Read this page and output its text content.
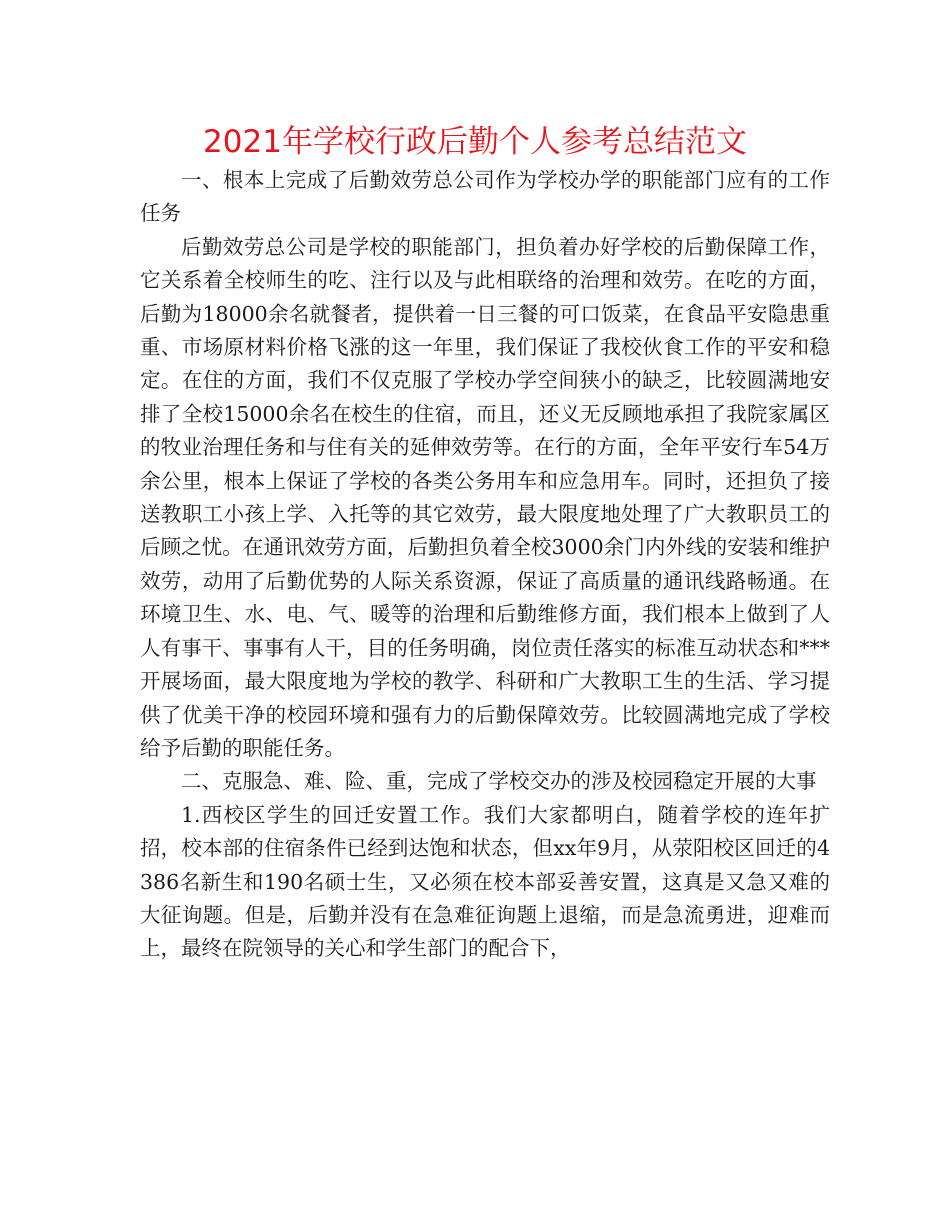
2021年学校行政后勤个人参考总结范文

一、根本上完成了后勤效劳总公司作为学校办学的职能部门应有的工作任务

后勤效劳总公司是学校的职能部门，担负着办好学校的后勤保障工作，它关系着全校师生的吃、注行以及与此相联络的治理和效劳。在吃的方面，后勤为18000余名就餐者，提供着一日三餐的可口饭菜，在食品平安隐患重重、市场原材料价格飞涨的这一年里，我们保证了我校伙食工作的平安和稳定。在住的方面，我们不仅克服了学校办学空间狭小的缺乏，比较圆满地安排了全校15000余名在校生的住宿，而且，还义无反顾地承担了我院家属区的牧业治理任务和与住有关的延伸效劳等。在行的方面，全年平安行车54万余公里，根本上保证了学校的各类公务用车和应急用车。同时，还担负了接送教职工小孩上学、入托等的其它效劳，最大限度地处理了广大教职员工的后顾之忧。在通讯效劳方面，后勤担负着全校3000余门内外线的安装和维护效劳，动用了后勤优势的人际关系资源，保证了高质量的通讯线路畅通。在环境卫生、水、电、气、暖等的治理和后勤维修方面，我们根本上做到了人人有事干、事事有人干，目的任务明确，岗位责任落实的标准互动状态和***开展场面，最大限度地为学校的教学、科研和广大教职工生的生活、学习提供了优美干净的校园环境和强有力的后勤保障效劳。比较圆满地完成了学校给予后勤的职能任务。

二、克服急、难、险、重，完成了学校交办的涉及校园稳定开展的大事

1.西校区学生的回迁安置工作。我们大家都明白，随着学校的连年扩招，校本部的住宿条件已经到达饱和状态，但xx年9月，从荥阳校区回迁的4386名新生和190名硕士生，又必须在校本部妥善安置，这真是又急又难的大征询题。但是，后勤并没有在急难征询题上退缩，而是急流勇进，迎难而上，最终在院领导的关心和学生部门的配合下，
